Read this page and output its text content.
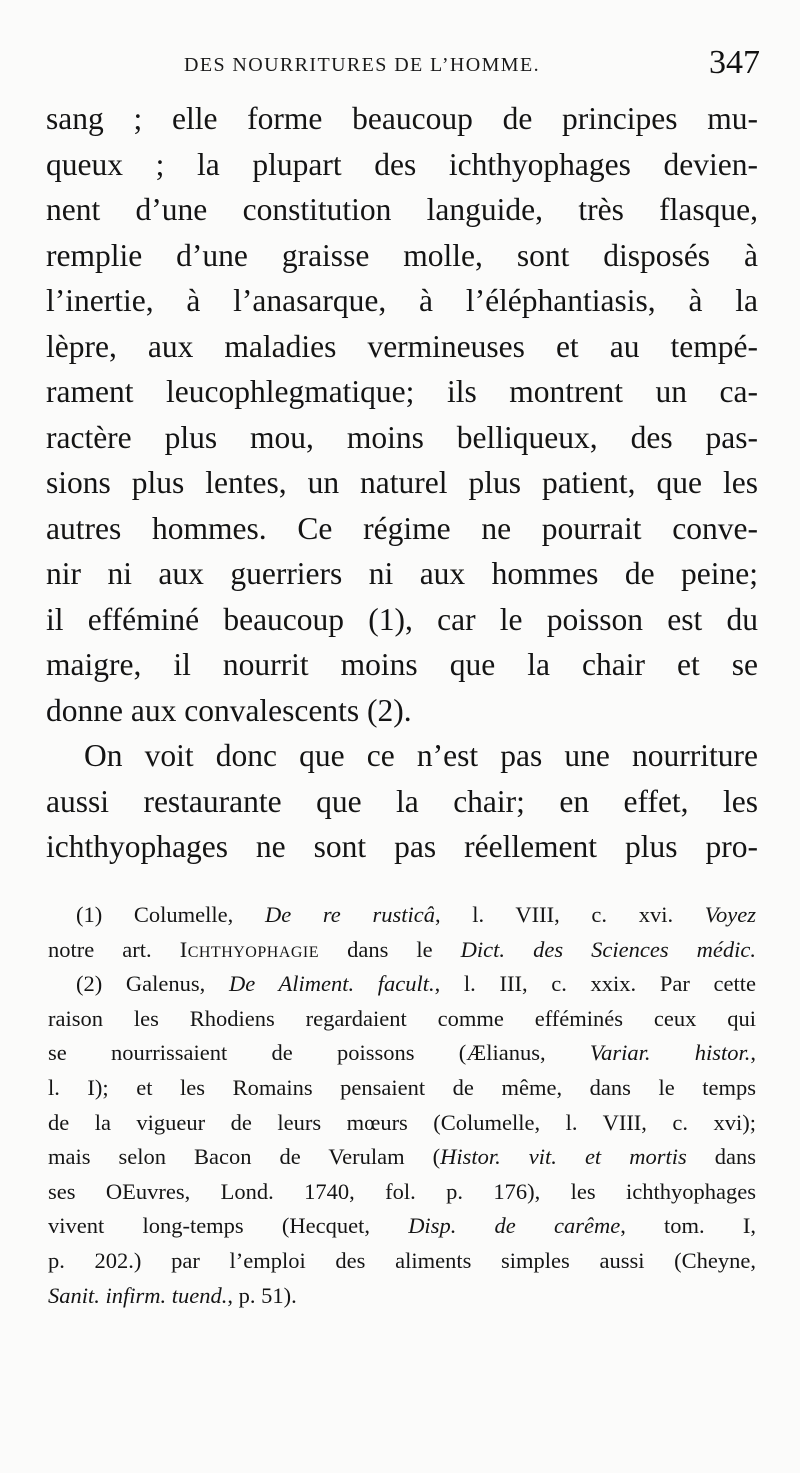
DES NOURRITURES DE L’HOMME.	347
sang ; elle forme beaucoup de principes mu-
queux ; la plupart des ichthyophages devien-
nent d’une constitution languide, très flasque,
remplie d’une graisse molle, sont disposés à
l’inertie, à l’anasarque, à l’éléphantiasis, à la
lèpre, aux maladies vermineuses et au tempé-
rament leucophlegmatique; ils montrent un ca-
ractère plus mou, moins belliqueux, des pas-
sions plus lentes, un naturel plus patient, que les
autres hommes. Ce régime ne pourrait conve-
nir ni aux guerriers ni aux hommes de peine;
il efféminé beaucoup (1), car le poisson est du
maigre, il nourrit moins que la chair et se
donne aux convalescents (2).
On voit donc que ce n’est pas une nourriture
aussi restaurante que la chair; en effet, les
ichthyophages ne sont pas réellement plus pro-
(1) Columelle, De re rusticâ, l. VIII, c. xvi. Voyez
notre art. Ichthyophagie dans le Dict. des Sciences médic.
(2) Galenus, De Aliment. facult., l. III, c. xxix. Par cette
raison les Rhodiens regardaient comme efféminés ceux qui
se nourrissaient de poissons (Ælianus, Variar. histor.,
l. I); et les Romains pensaient de même, dans le temps
de la vigueur de leurs mœurs (Columelle, l. VIII, c. xvi);
mais selon Bacon de Verulam (Histor. vit. et mortis dans
ses OEuvres, Lond. 1740, fol. p. 176), les ichthyophages
vivent long-temps (Hecquet, Disp. de carême, tom. I,
p. 202.) par l’emploi des aliments simples aussi (Cheyne,
Sanit. infirm. tuend., p. 51).
